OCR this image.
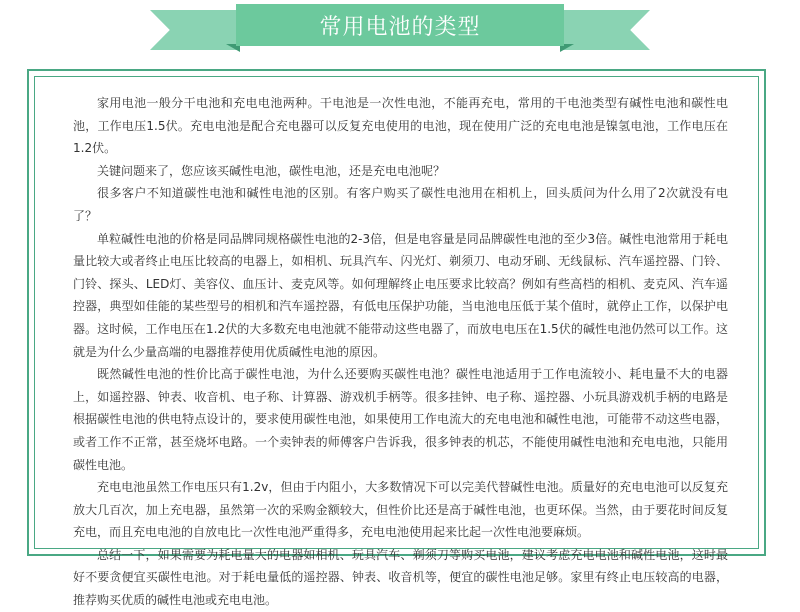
常用电池的类型

家用电池一般分干电池和充电电池两种。干电池是一次性电池，不能再充电，常用的干电池类型有碱性电池和碳性电池，工作电压1.5伏。充电电池是配合充电器可以反复充电使用的电池，现在使用广泛的充电电池是镍氢电池，工作电压在1.2伏。

关键问题来了，您应该买碱性电池，碳性电池，还是充电电池呢？

很多客户不知道碳性电池和碱性电池的区别。有客户购买了碳性电池用在相机上，回头质问为什么用了2次就没有电了？

单粒碱性电池的价格是同品牌同规格碳性电池的2-3倍，但是电容量是同品牌碳性电池的至少3倍。碱性电池常用于耗电量比较大或者终止电压比较高的电器上，如相机、玩具汽车、闪光灯、剃须刀、电动牙刷、无线鼠标、汽车遥控器、门铃、门铃、探头、LED灯、美容仪、血压计、麦克风等。如何理解终止电压要求比较高？例如有些高档的相机、麦克风、汽车遥控器，典型如佳能的某些型号的相机和汽车遥控器，有低电压保护功能，当电池电压低于某个值时，就停止工作，以保护电器。这时候，工作电压在1.2伏的大多数充电电池就不能带动这些电器了，而放电电压在1.5伏的碱性电池仍然可以工作。这就是为什么少量高端的电器推荐使用优质碱性电池的原因。

既然碱性电池的性价比高于碳性电池，为什么还要购买碳性电池？碳性电池适用于工作电流较小、耗电量不大的电器上，如遥控器、钟表、收音机、电子称、计算器、游戏机手柄等。很多挂钟、电子称、遥控器、小玩具游戏机手柄的电路是根据碳性电池的供电特点设计的，要求使用碳性电池，如果使用工作电流大的充电电池和碱性电池，可能带不动这些电器，或者工作不正常，甚至烧坏电路。一个卖钟表的师傅客户告诉我，很多钟表的机芯，不能使用碱性电池和充电电池，只能用碳性电池。

充电电池虽然工作电压只有1.2v，但由于内阻小，大多数情况下可以完美代替碱性电池。质量好的充电电池可以反复充放大几百次，加上充电器，虽然第一次的采购金额较大，但性价比还是高于碱性电池，也更环保。当然，由于要花时间反复充电，而且充电电池的自放电比一次性电池严重得多，充电电池使用起来比起一次性电池要麻烦。

总结一下，如果需要为耗电量大的电器如相机、玩具汽车、剃须刀等购买电池，建议考虑充电电池和碱性电池，这时最好不要贪便宜买碳性电池。对于耗电量低的遥控器、钟表、收音机等，便宜的碳性电池足够。家里有终止电压较高的电器，推荐购买优质的碱性电池或充电电池。
